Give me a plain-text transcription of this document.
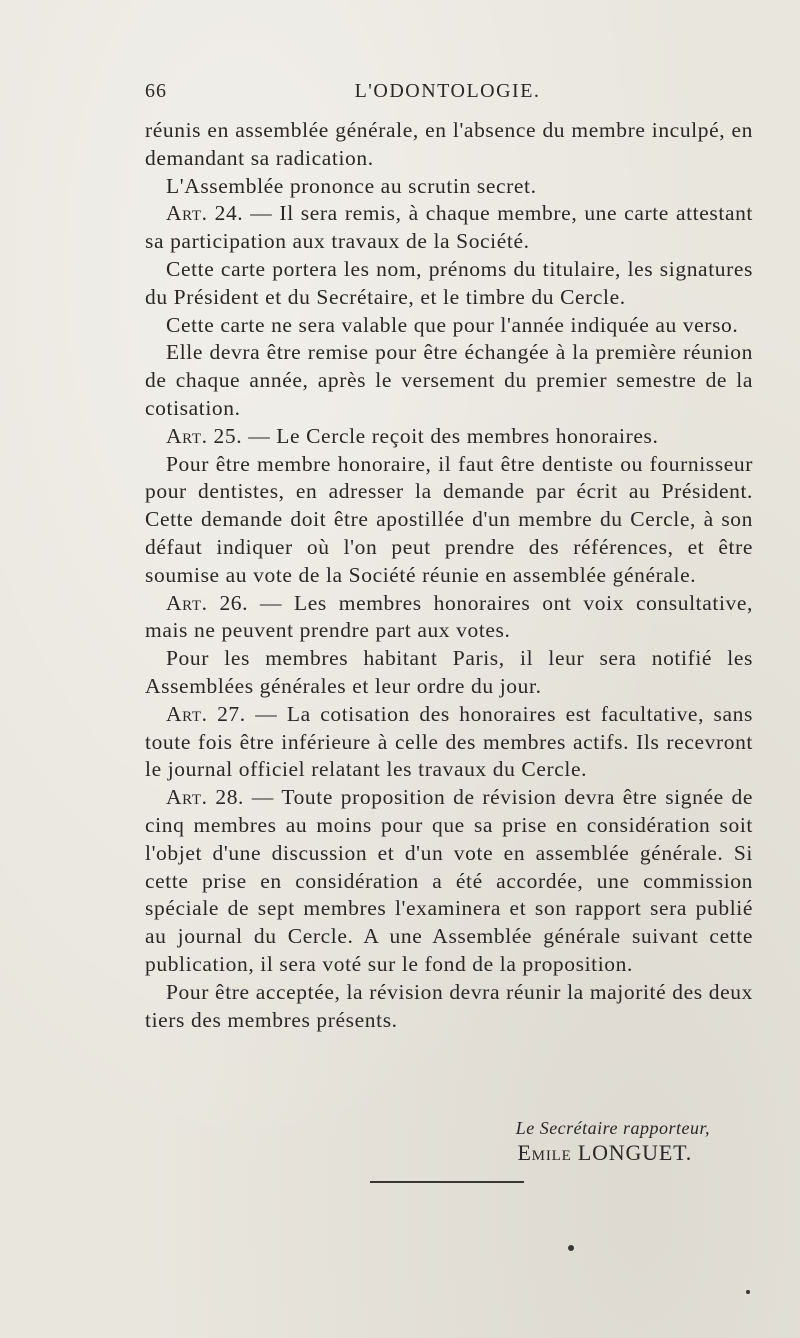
66	L'ODONTOLOGIE.

réunis en assemblée générale, en l'absence du membre inculpé, en demandant sa radication.

L'Assemblée prononce au scrutin secret.

Art. 24. — Il sera remis, à chaque membre, une carte attestant sa participation aux travaux de la Société.

Cette carte portera les nom, prénoms du titulaire, les signatures du Président et du Secrétaire, et le timbre du Cercle.

Cette carte ne sera valable que pour l'année indiquée au verso.

Elle devra être remise pour être échangée à la première réunion de chaque année, après le versement du premier semestre de la cotisation.

Art. 25. — Le Cercle reçoit des membres honoraires.

Pour être membre honoraire, il faut être dentiste ou fournisseur pour dentistes, en adresser la demande par écrit au Président. Cette demande doit être apostillée d'un membre du Cercle, à son défaut indiquer où l'on peut prendre des références, et être soumise au vote de la Société réunie en assemblée générale.

Art. 26. — Les membres honoraires ont voix consultative, mais ne peuvent prendre part aux votes.

Pour les membres habitant Paris, il leur sera notifié les Assemblées générales et leur ordre du jour.

Art. 27. — La cotisation des honoraires est facultative, sans toute fois être inférieure à celle des membres actifs. Ils recevront le journal officiel relatant les travaux du Cercle.

Art. 28. — Toute proposition de révision devra être signée de cinq membres au moins pour que sa prise en considération soit l'objet d'une discussion et d'un vote en assemblée générale. Si cette prise en considération a été accordée, une commission spéciale de sept membres l'examinera et son rapport sera publié au journal du Cercle. A une Assemblée générale suivant cette publication, il sera voté sur le fond de la proposition.

Pour être acceptée, la révision devra réunir la majorité des deux tiers des membres présents.

Le Secrétaire rapporteur,
Emile LONGUET.
